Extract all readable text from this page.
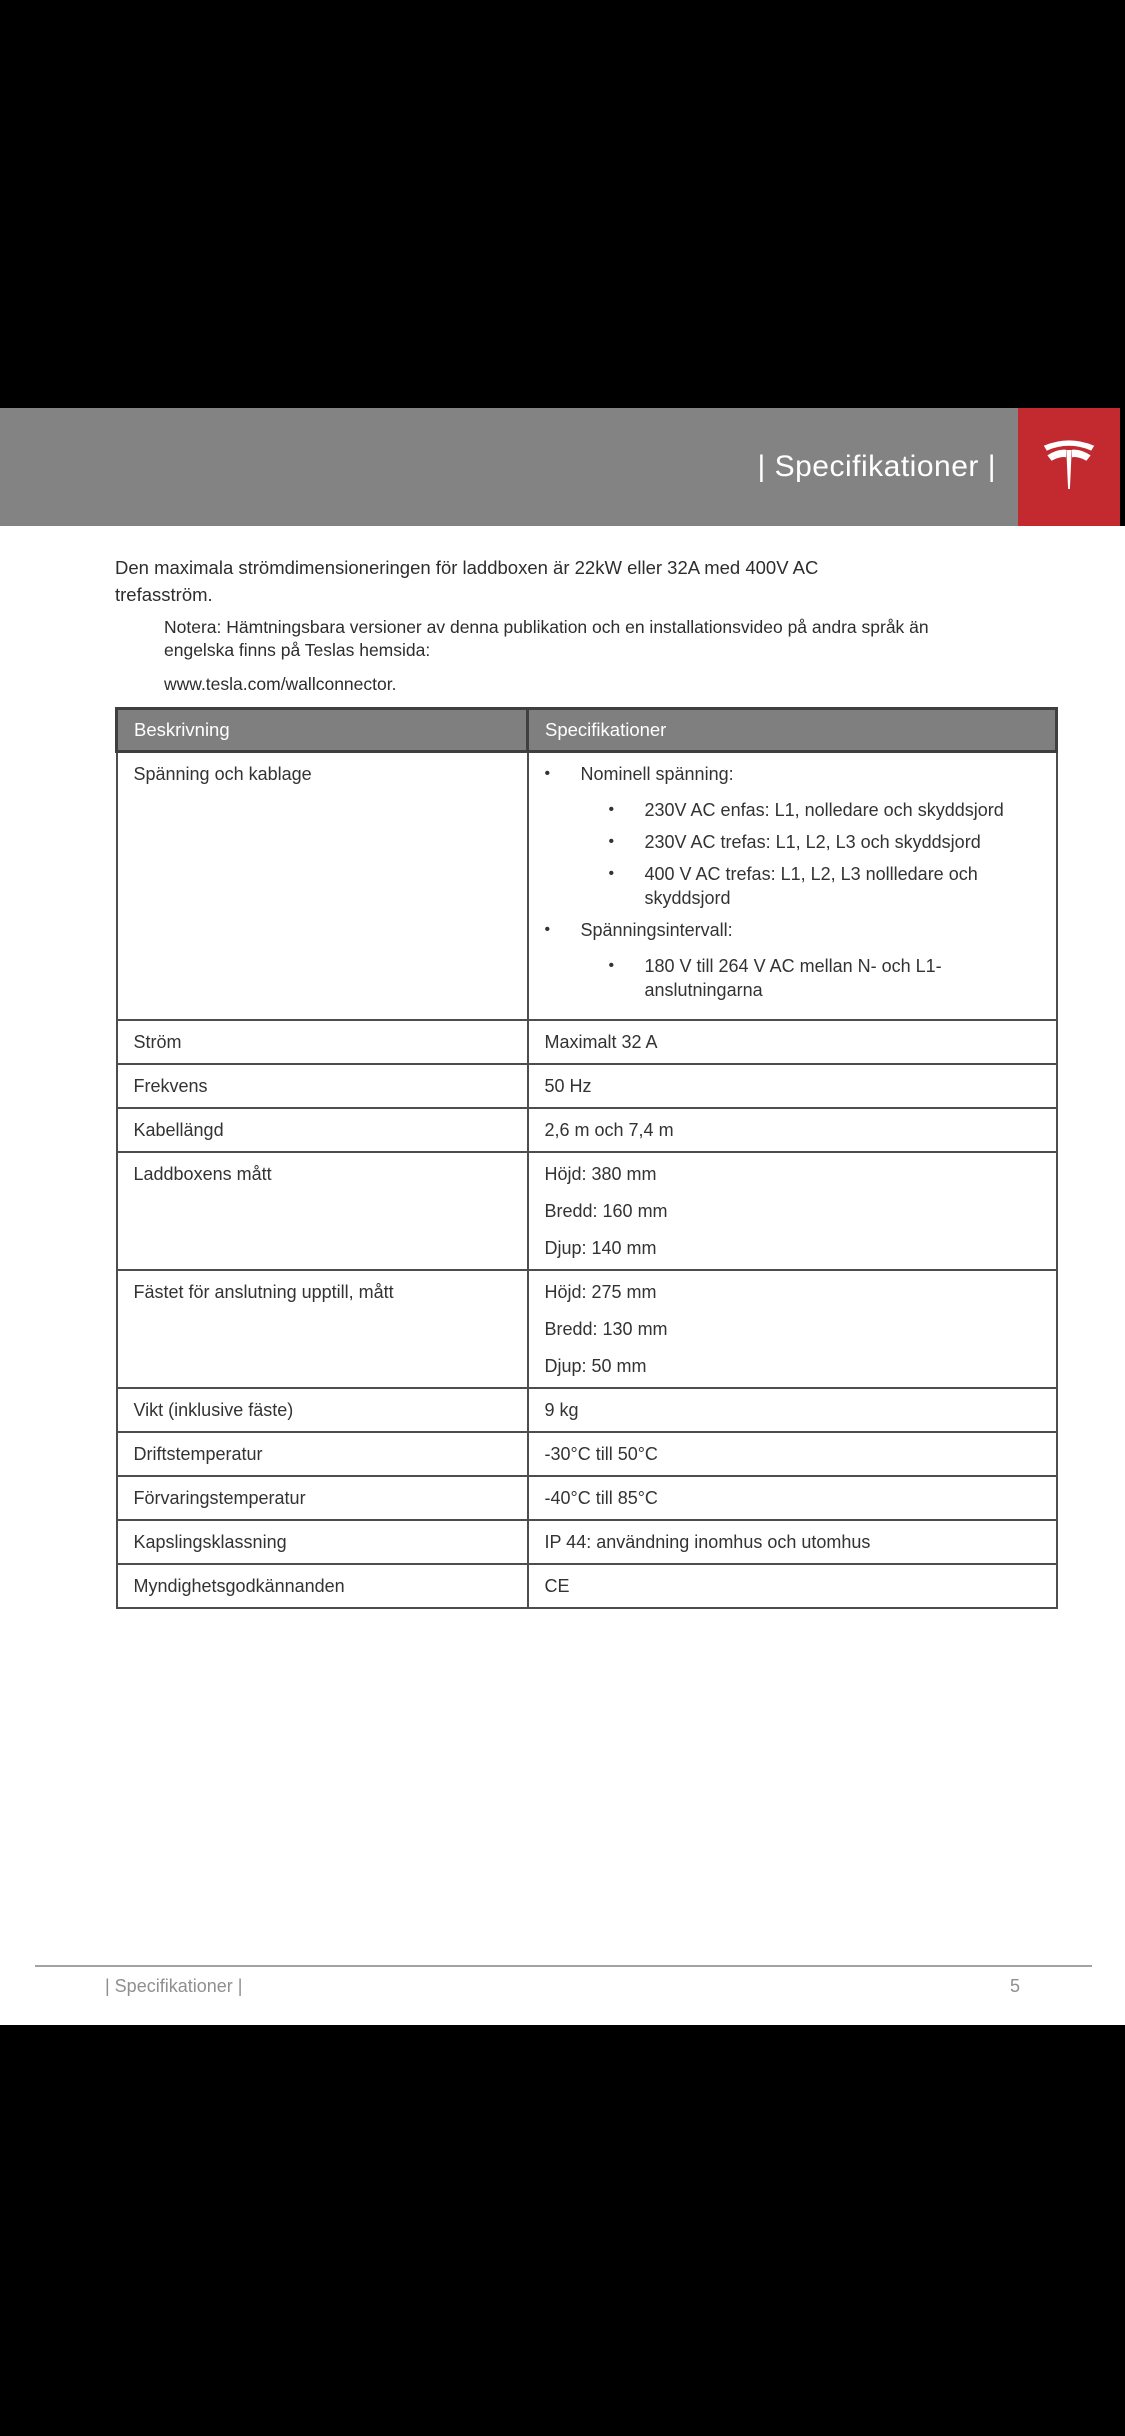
| Specifikationer |

Den maximala strömdimensioneringen för laddboxen är 22kW eller 32A med 400V AC trefasström.

Notera: Hämtningsbara versioner av denna publikation och en installationsvideo på andra språk än engelska finns på Teslas hemsida:

www.tesla.com/wallconnector.
Beskrivning	Specifikationer
Spänning och kablage	•	Nominell spänning:
•	230V AC enfas: L1, nolledare och skyddsjord
•	230V AC trefas: L1, L2, L3 och skyddsjord
•	400 V AC trefas: L1, L2, L3 nollledare och skyddsjord
•	Spänningsintervall:
•	180 V till 264 V AC mellan N- och L1-anslutningarna

Ström	Maximalt 32 A

Frekvens	50 Hz

Kabellängd	2,6 m och 7,4 m

Laddboxens mått	Höjd: 380 mm
Bredd: 160 mm
Djup: 140 mm

Fästet för anslutning upptill, mått	Höjd: 275 mm
Bredd: 130 mm
Djup: 50 mm

Vikt (inklusive fäste)	9 kg

Driftstemperatur	-30°C till 50°C

Förvaringstemperatur	-40°C till 85°C

Kapslingsklassning	IP 44: användning inomhus och utomhus

Myndighetsgodkännanden	CE
| Specifikationer |	5
